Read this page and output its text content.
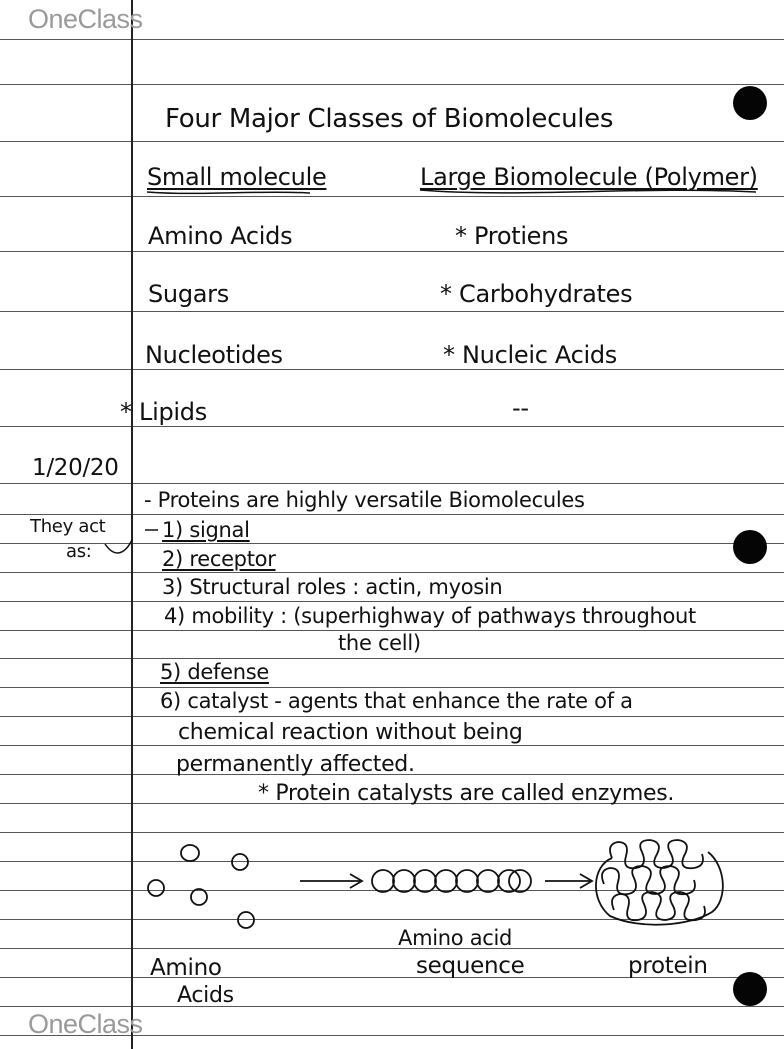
OneClass
OneClass
Four Major Classes of Biomolecules
Small molecule	Large Biomolecule (Polymer)
Amino Acids	* Protiens
Sugars	* Carbohydrates
Nucleotides	* Nucleic Acids
* Lipids	--
1/20/20
They act
as:
- Proteins are highly versatile Biomolecules
1) signal
2) receptor
3) Structural roles : actin, myosin
4) mobility : (superhighway of pathways throughout
the cell)
5) defense
6) catalyst - agents that enhance the rate of a
chemical reaction without being
permanently affected.
* Protein catalysts are called enzymes.
Amino
Acids
Amino acid
sequence	protein
